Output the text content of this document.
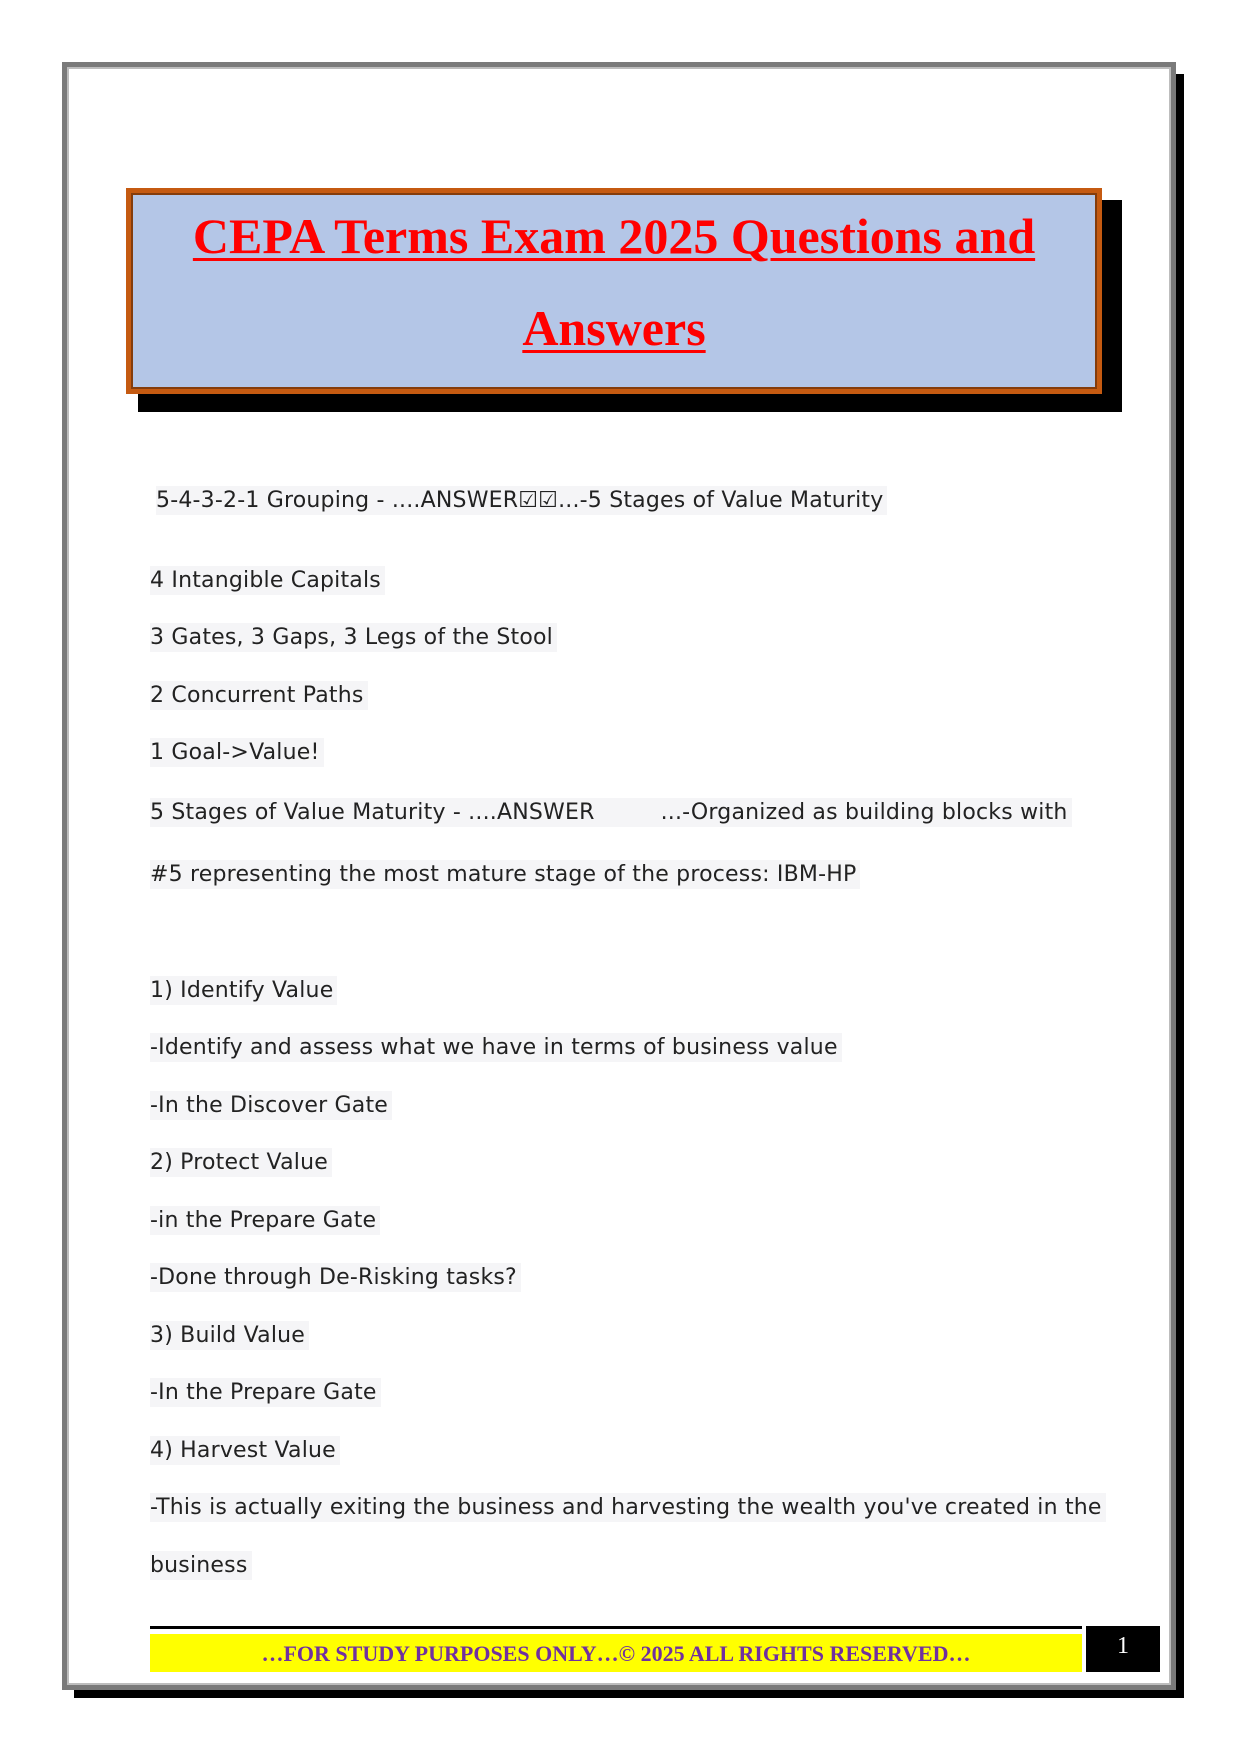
CEPA Terms Exam 2025 Questions and
Answers
5-4-3-2-1 Grouping - ....ANSWER☑☑...-5 Stages of Value Maturity
4 Intangible Capitals
3 Gates, 3 Gaps, 3 Legs of the Stool
2 Concurrent Paths
1 Goal->Value!
5 Stages of Value Maturity - ....ANSWER	...-Organized as building blocks with
#5 representing the most mature stage of the process: IBM-HP
1) Identify Value
-Identify and assess what we have in terms of business value
-In the Discover Gate
2) Protect Value
-in the Prepare Gate
-Done through De-Risking tasks?
3) Build Value
-In the Prepare Gate
4) Harvest Value
-This is actually exiting the business and harvesting the wealth you've created in the
business
…FOR STUDY PURPOSES ONLY…© 2025 ALL RIGHTS RESERVED…	1
